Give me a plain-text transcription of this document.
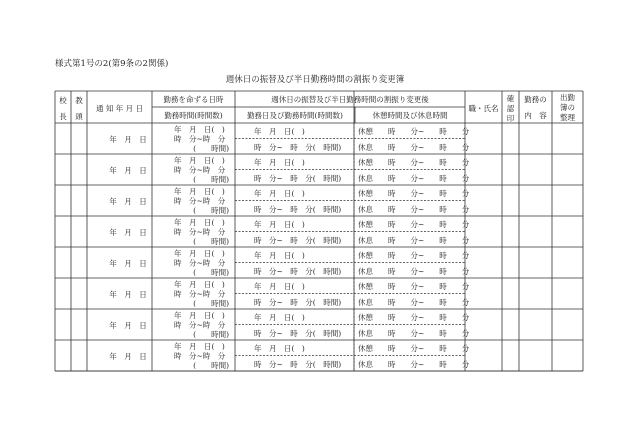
様式第1号の2(第9条の2関係)
週休日の振替及び半日勤務時間の割振り変更簿
校
長
教
頭
通 知 年 月 日
勤務を命ずる日時
勤務時間(時間数)
週休日の振替及び半日勤務時間の割振り変更後
勤務日及び勤務時間(時間数)	休憩時間及び休息時間
職・氏名
確
認
印
勤務の
内　容
出勤
簿の
整理
年　月　日
年　月　日(　)
時　分~時　分
(　　時間)
年　月　日(　)
時　分~　時　分(　時間)
休憩　　時　　分~　　時　　分
休息　　時　　分~　　時　　分
年　月　日
年　月　日(　)
時　分~時　分
(　　時間)
年　月　日(　)
時　分~　時　分(　時間)
休憩　　時　　分~　　時　　分
休息　　時　　分~　　時　　分
年　月　日
年　月　日(　)
時　分~時　分
(　　時間)
年　月　日(　)
時　分~　時　分(　時間)
休憩　　時　　分~　　時　　分
休息　　時　　分~　　時　　分
年　月　日
年　月　日(　)
時　分~時　分
(　　時間)
年　月　日(　)
時　分~　時　分(　時間)
休憩　　時　　分~　　時　　分
休息　　時　　分~　　時　　分
年　月　日
年　月　日(　)
時　分~時　分
(　　時間)
年　月　日(　)
時　分~　時　分(　時間)
休憩　　時　　分~　　時　　分
休息　　時　　分~　　時　　分
年　月　日
年　月　日(　)
時　分~時　分
(　　時間)
年　月　日(　)
時　分~　時　分(　時間)
休憩　　時　　分~　　時　　分
休息　　時　　分~　　時　　分
年　月　日
年　月　日(　)
時　分~時　分
(　　時間)
年　月　日(　)
時　分~　時　分(　時間)
休憩　　時　　分~　　時　　分
休息　　時　　分~　　時　　分
年　月　日
年　月　日(　)
時　分~時　分
(　　時間)
年　月　日(　)
時　分~　時　分(　時間)
休憩　　時　　分~　　時　　分
休息　　時　　分~　　時　　分
